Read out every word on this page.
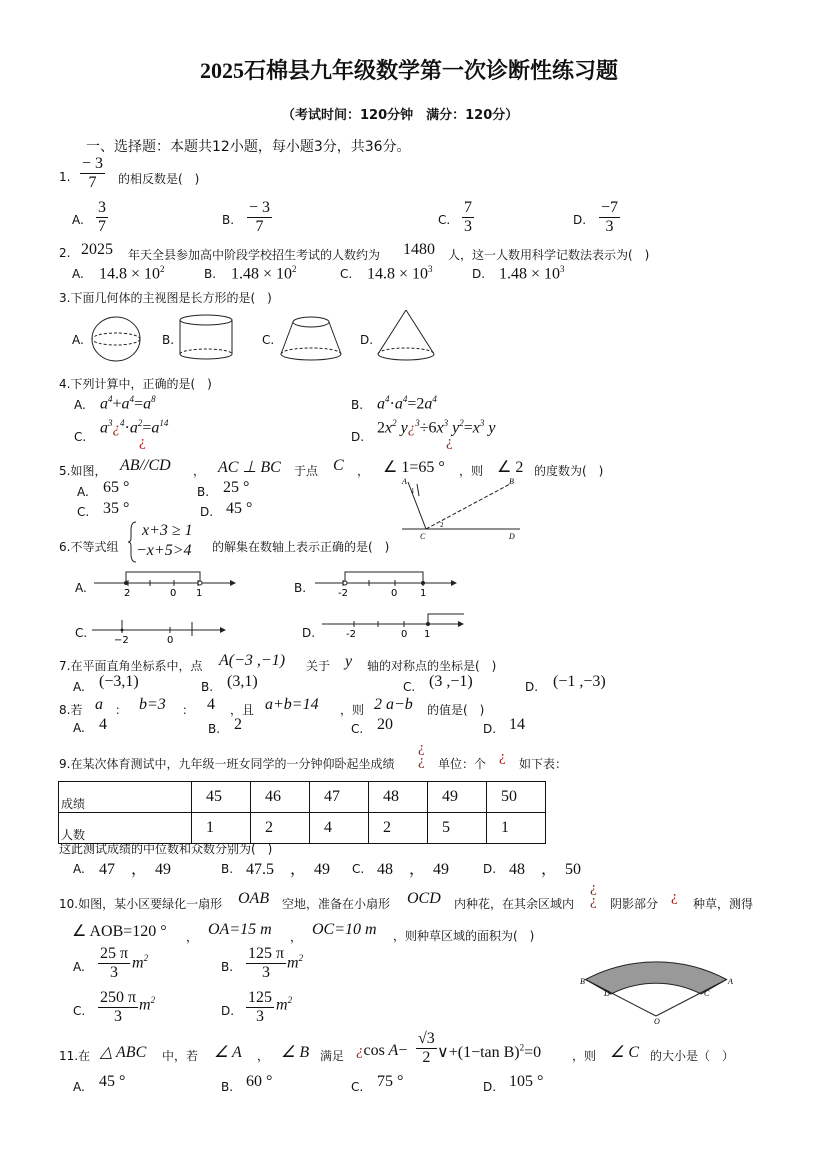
2025石棉县九年级数学第一次诊断性练习题
（考试时间：120分钟　满分：120分）
一、选择题：本题共12小题，每小题3分，共36分。
1. $\frac{- 3}{7}$ 的相反数是(　)
A. $\frac{3}{7}$	B. $\frac{- 3}{7}$	C. $\frac{7}{3}$	D. $\frac{-7}{3}$
2. 2025 年天全县参加高中阶段学校招生考试的人数约为 1480 人，这一人数用科学记数法表示为(　)
A. $14.8 \times 10^2$	B. $1.48 \times 10^2$	C. $14.8 \times 10^3$	D. $1.48 \times 10^3$
3.下面几何体的主视图是长方形的是(　)
A.	B.	C.	D.
4.下列计算中，正确的是(　)
A. $a^4+a^4=a^8$	B. $a^4\cdot a^4=2a^4$
C.
$a^3¿^4\cdot a^2=a^{14}$
¿	D.
$2x^2$ $y¿^3\div 6x^3$ $y^2=x^3$ y
¿
5.如图， AB//CD ， AC ⊥ BC 于点 C ， ∠ 1=65 ° ，则 ∠ 2 的度数为(　)
A. 65 °	B. 25 °
C. 35 °	D. 45 °
A	B
C	D
1
2
6.不等式组
x+3 ≥ 1
−x+5>4 的解集在数轴上表示正确的是(　)
A.	2	0 1	B.	-2	0 1
C.
−2	0
D.	-2	0 1
7.在平面直角坐标系中，点 A(−3 ,−1) 关于 y 轴的对称点的坐标是(　)
A. (−3,1)	B. (3,1)	C. (3 ,−1)	D. (−1 ,−3)
8.若 a ： b=3 ： 4 ，且 a+b=14 ，则 2 a−b 的值是(　)
A. 4	B. 2	C. 20	D. 14
9.在某次体育测试中，九年级一班女同学的一分钟仰卧起坐成绩
¿
¿ 单位：个 ¿ 如下表：
成绩	45	46	47	48	49	50
人数	1	2	4	2	5	1
这此测试成绩的中位数和众数分别为(　)
A. 47　，　49	B. 47.5　，　49 C. 48　，　49	D. 48　，　50
10.如图，某小区要绿化一扇形 OAB 空地，准备在小扇形 OCD 内种花，在其余区域内
¿
¿ 阴影部分 ¿ 种草，测得
∠ AOB=120 ° ， OA=15 m ， OC=10 m ，则种草区域的面积为(　)
A. $\frac{25 \pi}{3} m^2$
B. $\frac{125 \pi}{3} m^2$
C. $\frac{250 \pi}{3} m^2$
D. $\frac{125}{3} m^2$
B
D	C
A
O
11.在 △ ABC 中，若 ∠ A ， ∠ B 满足 ¿cos $A- \frac{√3}{2}$ ∨+(1−tan B)$^2$=0	，则 ∠ C 的大小是（　）
A. 45 °	B. 60 °	C. 75 °	D. 105 °
